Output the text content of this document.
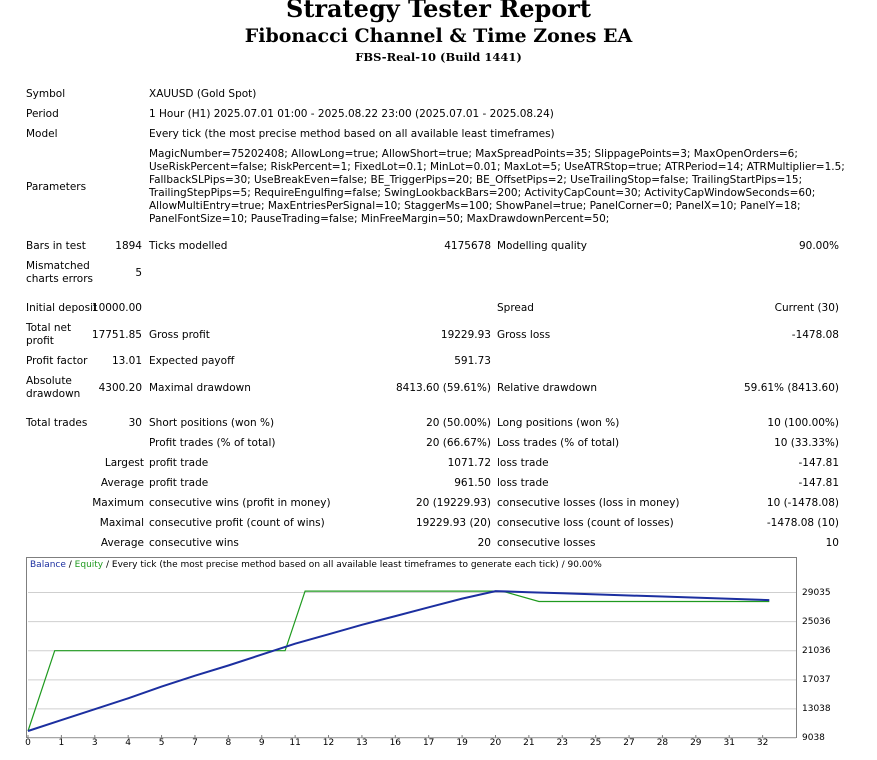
Strategy Tester Report
Fibonacci Channel & Time Zones EA
FBS-Real-10 (Build 1441)
Symbol	XAUUSD (Gold Spot)
Period	1 Hour (H1) 2025.07.01 01:00 - 2025.08.22 23:00 (2025.07.01 - 2025.08.24)
Model	Every tick (the most precise method based on all available least timeframes)
Parameters
MagicNumber=75202408; AllowLong=true; AllowShort=true; MaxSpreadPoints=35; SlippagePoints=3; MaxOpenOrders=6; UseRiskPercent=false; RiskPercent=1; FixedLot=0.1; MinLot=0.01; MaxLot=5; UseATRStop=true; ATRPeriod=14; ATRMultiplier=1.5; FallbackSLPips=30; UseBreakEven=false; BE_TriggerPips=20; BE_OffsetPips=2; UseTrailingStop=false; TrailingStartPips=15; TrailingStepPips=5; RequireEngulfing=false; SwingLookbackBars=200; ActivityCapCount=30; ActivityCapWindowSeconds=60; AllowMultiEntry=true; MaxEntriesPerSignal=10; StaggerMs=100; ShowPanel=true; PanelCorner=0; PanelX=10; PanelY=18; PanelFontSize=10; PauseTrading=false; MinFreeMargin=50; MaxDrawdownPercent=50;
Bars in test	1894 Ticks modelled	4175678 Modelling quality	90.00%
Mismatched
charts errors	5
Initial deposit
10000.00	Spread	Current (30)
Total net
profit	17751.85 Gross profit	19229.93 Gross loss	-1478.08
Profit factor 13.01 Expected payoff	591.73
Absolute
drawdown 4300.20 Maximal drawdown	8413.60 (59.61%) Relative drawdown	59.61% (8413.60)
Total trades	30 Short positions (won %)	20 (50.00%) Long positions (won %)	10 (100.00%)
Profit trades (% of total)	20 (66.67%) Loss trades (% of total)	10 (33.33%)
Largest profit trade	1071.72 loss trade	-147.81
Average profit trade	961.50 loss trade	-147.81
Maximum consecutive wins (profit in money)	20 (19229.93) consecutive losses (loss in money)	10 (-1478.08)
Maximal consecutive profit (count of wins)	19229.93 (20) consecutive loss (count of losses)	-1478.08 (10)
Average consecutive wins	20 consecutive losses	10
Balance / Equity / Every tick (the most precise method based on all available least timeframes to generate each tick) / 90.00%
29035
25036
21036
17037
13038
9038
0	1	3	4	5	7	8	9	11	12	13	16	17	19	20	21	23	25	27	28	29	31	32
